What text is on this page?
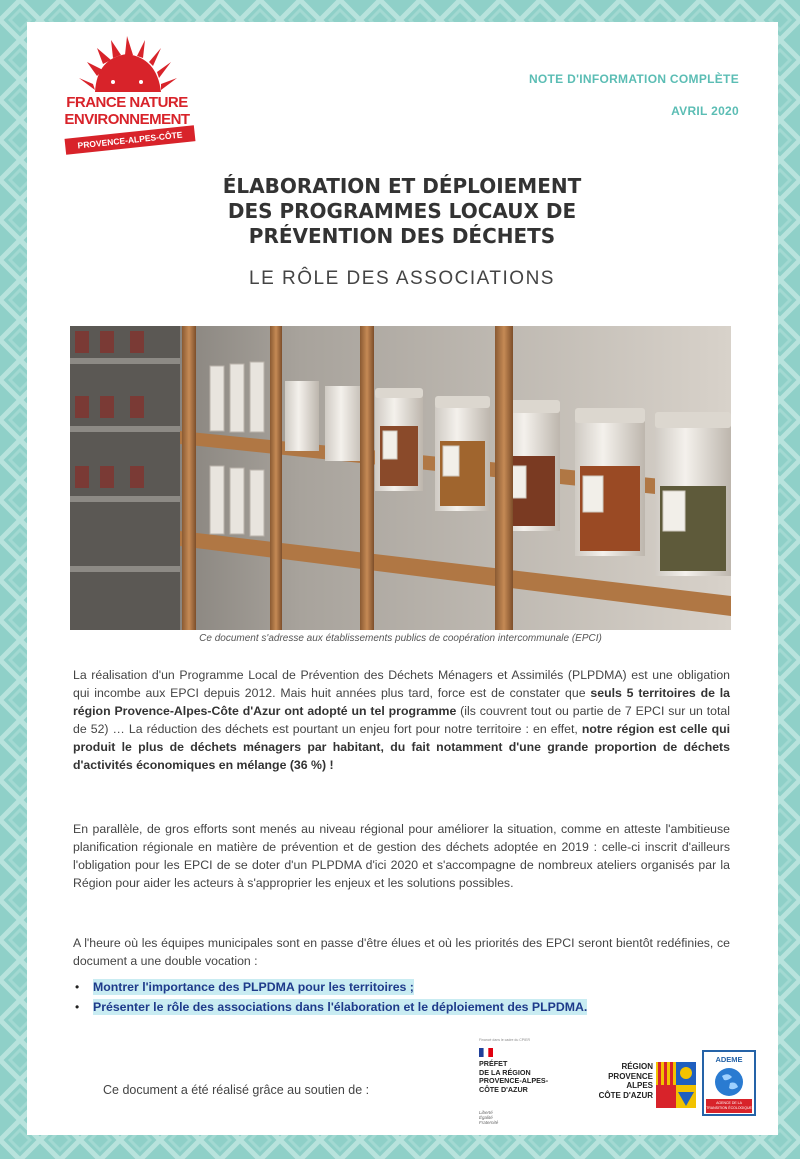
FRANCE NATURE
ENVIRONNEMENT
PROVENCE-ALPES-CÔTE D'AZUR
NOTE D'INFORMATION COMPLÈTE
AVRIL 2020
ÉLABORATION ET DÉPLOIEMENT
DES PROGRAMMES LOCAUX DE
PRÉVENTION DES DÉCHETS
LE RÔLE DES ASSOCIATIONS
Ce document s'adresse aux établissements publics de coopération intercommunale (EPCI)

La réalisation d'un Programme Local de Prévention des Déchets Ménagers et Assimilés (PLPDMA) est une obligation qui incombe aux EPCI depuis 2012. Mais huit années plus tard, force est de constater que seuls 5 territoires de la région Provence-Alpes-Côte d'Azur ont adopté un tel programme (ils couvrent tout ou partie de 7 EPCI sur un total de 52) … La réduction des déchets est pourtant un enjeu fort pour notre territoire : en effet, notre région est celle qui produit le plus de déchets ménagers par habitant, du fait notamment d'une grande proportion de déchets d'activités économiques en mélange (36 %) !

En parallèle, de gros efforts sont menés au niveau régional pour améliorer la situation, comme en atteste l'ambitieuse planification régionale en matière de prévention et de gestion des déchets adoptée en 2019 : celle-ci inscrit d'ailleurs l'obligation pour les EPCI de se doter d'un PLPDMA d'ici 2020 et s'accompagne de nombreux ateliers organisés par la Région pour aider les acteurs à s'approprier les enjeux et les solutions possibles.

A l'heure où les équipes municipales sont en passe d'être élues et où les priorités des EPCI seront bientôt redéfinies, ce document a une double vocation :

• Montrer l'importance des PLPDMA pour les territoires ;
• Présenter le rôle des associations dans l'élaboration et le déploiement des PLPDMA.
Ce document a été réalisé grâce au soutien de :
Financé dans le cadre du CPIER
PRÉFET
DE LA RÉGION
PROVENCE-ALPES-
CÔTE D'AZUR
Liberté
Égalité
Fraternité
RÉGION
PROVENCE
ALPES
CÔTE D'AZUR
ADEME
AGENCE DE LA TRANSITION ÉCOLOGIQUE
